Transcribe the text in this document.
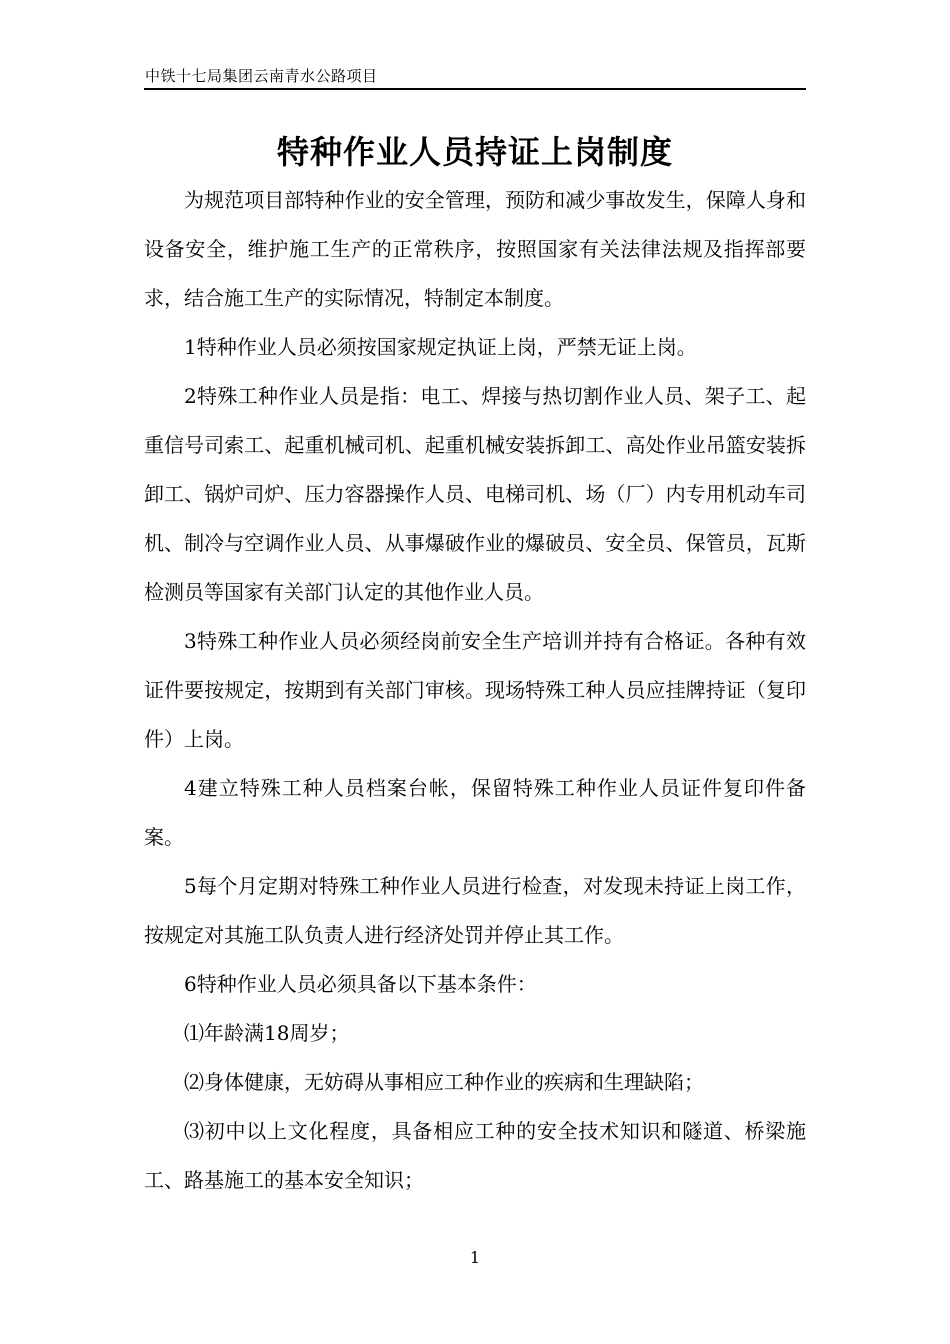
中铁十七局集团云南青水公路项目
特种作业人员持证上岗制度

为规范项目部特种作业的安全管理，预防和减少事故发生，保障人身和设备安全，维护施工生产的正常秩序，按照国家有关法律法规及指挥部要求，结合施工生产的实际情况，特制定本制度。

1特种作业人员必须按国家规定执证上岗，严禁无证上岗。

2特殊工种作业人员是指：电工、焊接与热切割作业人员、架子工、起重信号司索工、起重机械司机、起重机械安装拆卸工、高处作业吊篮安装拆卸工、锅炉司炉、压力容器操作人员、电梯司机、场（厂）内专用机动车司机、制冷与空调作业人员、从事爆破作业的爆破员、安全员、保管员，瓦斯检测员等国家有关部门认定的其他作业人员。

3特殊工种作业人员必须经岗前安全生产培训并持有合格证。各种有效证件要按规定，按期到有关部门审核。现场特殊工种人员应挂牌持证（复印件）上岗。

4建立特殊工种人员档案台帐，保留特殊工种作业人员证件复印件备案。

5每个月定期对特殊工种作业人员进行检查，对发现未持证上岗工作，按规定对其施工队负责人进行经济处罚并停止其工作。

6特种作业人员必须具备以下基本条件：

⑴年龄满18周岁；

⑵身体健康，无妨碍从事相应工种作业的疾病和生理缺陷；

⑶初中以上文化程度，具备相应工种的安全技术知识和隧道、桥梁施工、路基施工的基本安全知识；

1
